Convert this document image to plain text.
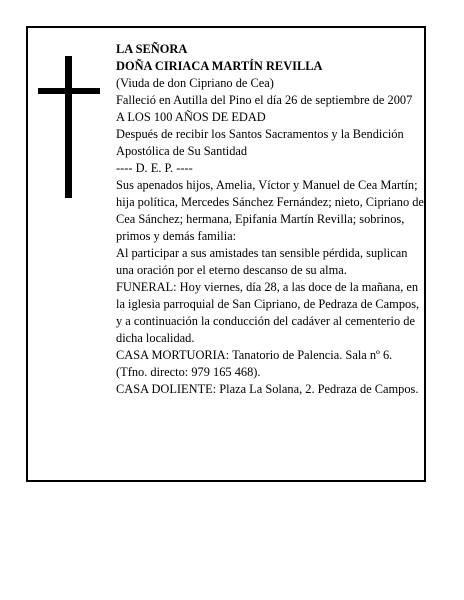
LA SEÑORA

DOÑA CIRIACA MARTÍN REVILLA

(Viuda de don Cipriano de Cea)

Falleció en Autilla del Pino el día 26 de septiembre de 2007

A LOS 100 AÑOS DE EDAD

Después de recibir los Santos Sacramentos y la Bendición Apostólica de Su Santidad

---- D. E. P. ----

Sus apenados hijos, Amelia, Víctor y Manuel de Cea Martín; hija política, Mercedes Sánchez Fernández; nieto, Cipriano de Cea Sánchez; hermana, Epifania Martín Revilla; sobrinos, primos y demás familia:

Al participar a sus amistades tan sensible pérdida, suplican una oración por el eterno descanso de su alma.

FUNERAL: Hoy viernes, día 28, a las doce de la mañana, en la iglesia parroquial de San Cipriano, de Pedraza de Campos, y a continuación la conducción del cadáver al cementerio de dicha localidad.

CASA MORTUORIA: Tanatorio de Palencia. Sala nº 6. (Tfno. directo: 979 165 468).

CASA DOLIENTE: Plaza La Solana, 2. Pedraza de Campos.
